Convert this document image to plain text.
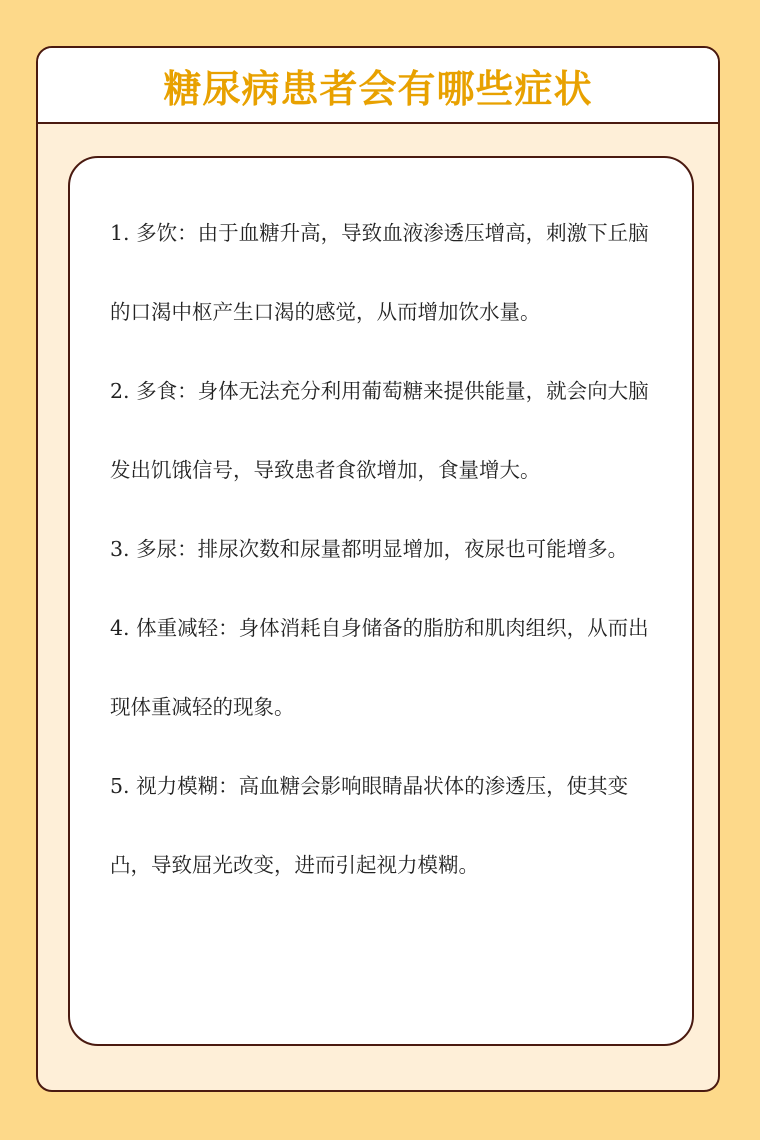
糖尿病患者会有哪些症状

1. 多饮：由于血糖升高，导致血液渗透压增高，刺激下丘脑的口渴中枢产生口渴的感觉，从而增加饮水量。

2. 多食：身体无法充分利用葡萄糖来提供能量，就会向大脑发出饥饿信号，导致患者食欲增加，食量增大。

3. 多尿：排尿次数和尿量都明显增加，夜尿也可能增多。

4. 体重减轻：身体消耗自身储备的脂肪和肌肉组织，从而出现体重减轻的现象。

5. 视力模糊：高血糖会影响眼睛晶状体的渗透压，使其变凸，导致屈光改变，进而引起视力模糊。
